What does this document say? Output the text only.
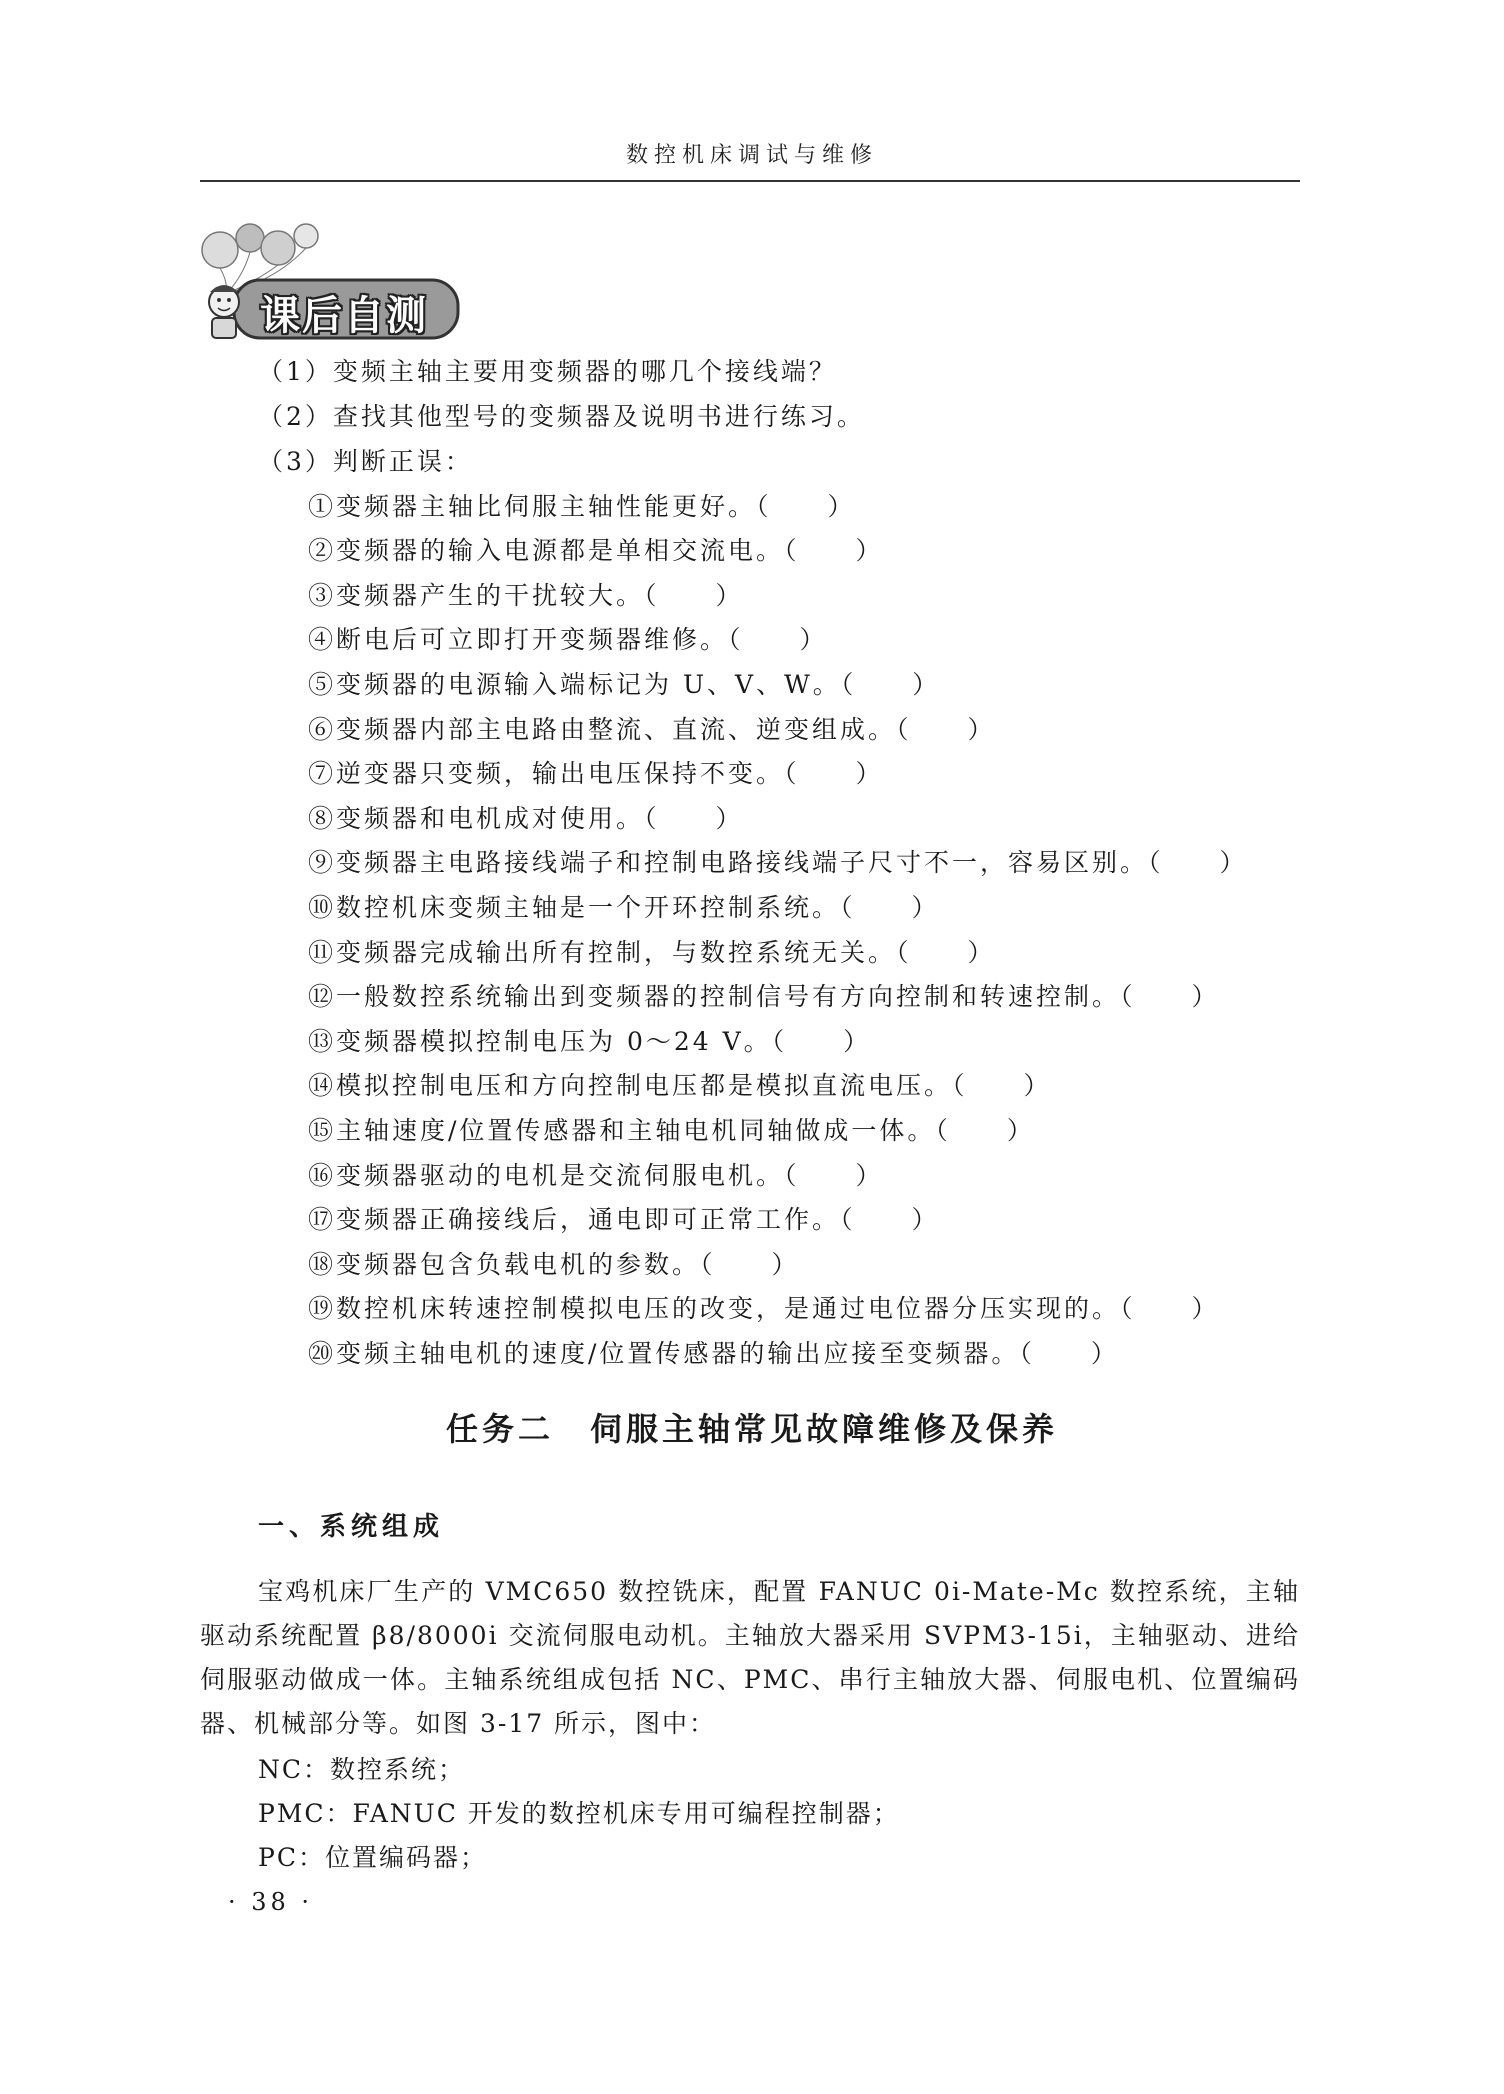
数控机床调试与维修
课后自测
（1）变频主轴主要用变频器的哪几个接线端？
（2）查找其他型号的变频器及说明书进行练习。
（3）判断正误：
①变频器主轴比伺服主轴性能更好。（　　）
②变频器的输入电源都是单相交流电。（　　）
③变频器产生的干扰较大。（　　）
④断电后可立即打开变频器维修。（　　）
⑤变频器的电源输入端标记为 U、V、W。（　　）
⑥变频器内部主电路由整流、直流、逆变组成。（　　）
⑦逆变器只变频，输出电压保持不变。（　　）
⑧变频器和电机成对使用。（　　）
⑨变频器主电路接线端子和控制电路接线端子尺寸不一，容易区别。（　　）
⑩数控机床变频主轴是一个开环控制系统。（　　）
⑪变频器完成输出所有控制，与数控系统无关。（　　）
⑫一般数控系统输出到变频器的控制信号有方向控制和转速控制。（　　）
⑬变频器模拟控制电压为 0～24 V。（　　）
⑭模拟控制电压和方向控制电压都是模拟直流电压。（　　）
⑮主轴速度/位置传感器和主轴电机同轴做成一体。（　　）
⑯变频器驱动的电机是交流伺服电机。（　　）
⑰变频器正确接线后，通电即可正常工作。（　　）
⑱变频器包含负载电机的参数。（　　）
⑲数控机床转速控制模拟电压的改变，是通过电位器分压实现的。（　　）
⑳变频主轴电机的速度/位置传感器的输出应接至变频器。（　　）
任务二　伺服主轴常见故障维修及保养
一、系统组成
宝鸡机床厂生产的 VMC650 数控铣床，配置 FANUC 0i-Mate-Mc 数控系统，主轴驱动系统配置 β8/8000i 交流伺服电动机。主轴放大器采用 SVPM3-15i，主轴驱动、进给伺服驱动做成一体。主轴系统组成包括 NC、PMC、串行主轴放大器、伺服电机、位置编码器、机械部分等。如图 3-17 所示，图中：
NC：数控系统；
PMC：FANUC 开发的数控机床专用可编程控制器；
PC：位置编码器；
· 38 ·
